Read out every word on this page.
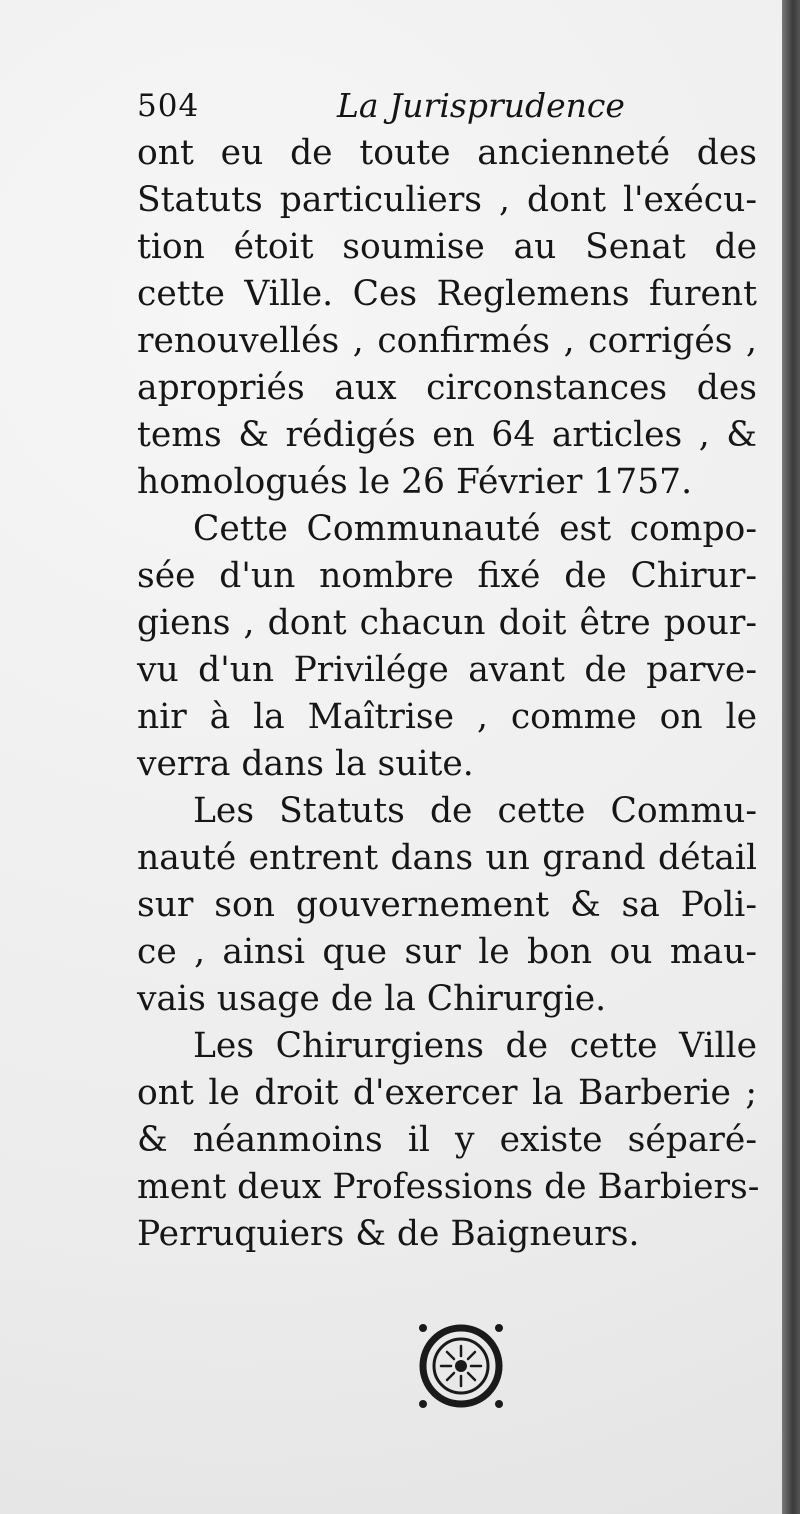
504	La Jurisprudence
ont eu de toute ancienneté des
Statuts particuliers , dont l'exécu-
tion étoit soumise au Senat de
cette Ville. Ces Reglemens furent
renouvellés , confirmés , corrigés ,
apropriés aux circonstances des
tems & rédigés en 64 articles , &
homologués le 26 Février 1757.
Cette Communauté est compo-
sée d'un nombre fixé de Chirur-
giens , dont chacun doit être pour-
vu d'un Privilége avant de parve-
nir à la Maîtrise , comme on le
verra dans la suite.
Les Statuts de cette Commu-
nauté entrent dans un grand détail
sur son gouvernement & sa Poli-
ce , ainsi que sur le bon ou mau-
vais usage de la Chirurgie.
Les Chirurgiens de cette Ville
ont le droit d'exercer la Barberie ;
& néanmoins il y existe séparé-
ment deux Professions de Barbiers-
Perruquiers & de Baigneurs.
